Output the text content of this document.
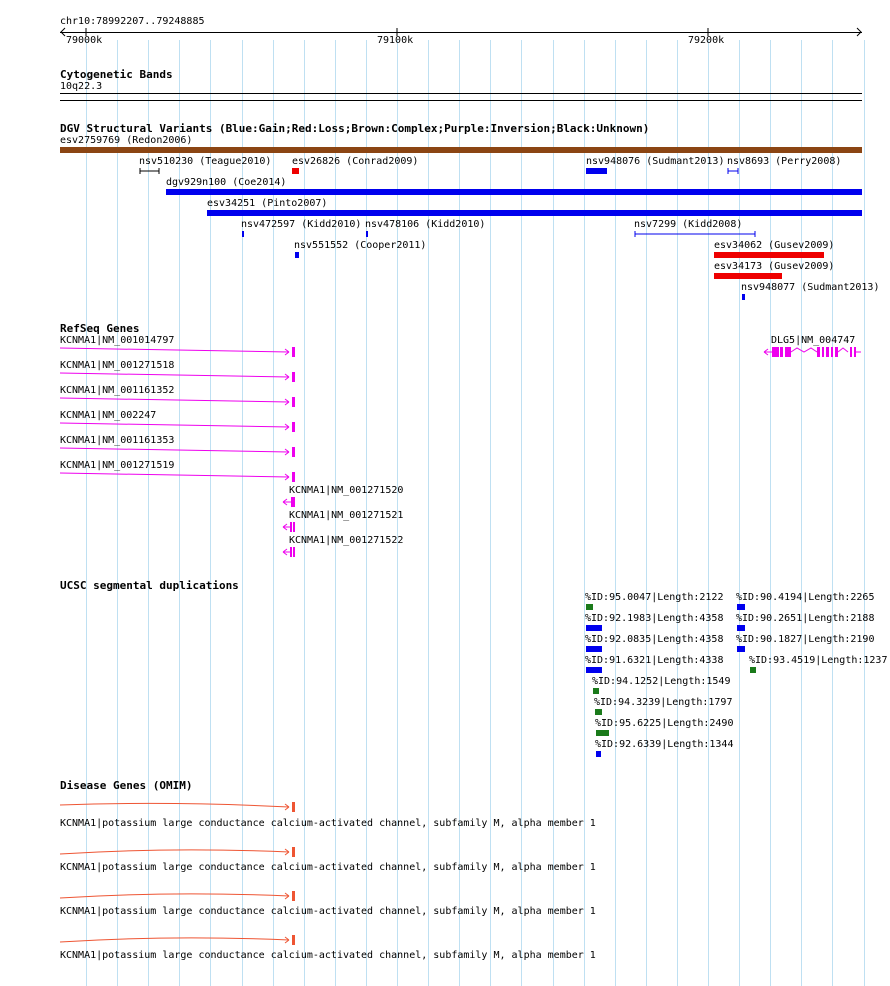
chr10:78992207..79248885
79000k	79100k	79200k
Cytogenetic Bands
10q22.3
DGV Structural Variants (Blue:Gain;Red:Loss;Brown:Complex;Purple:Inversion;Black:Unknown)
esv2759769 (Redon2006)
nsv510230 (Teague2010) esv26826 (Conrad2009)	nsv948076 (Sudmant2013) nsv8693 (Perry2008)
dgv929n100 (Coe2014)
esv34251 (Pinto2007)
nsv472597 (Kidd2010) nsv478106 (Kidd2010)	nsv7299 (Kidd2008)
nsv551552 (Cooper2011)	esv34062 (Gusev2009)
esv34173 (Gusev2009)
nsv948077 (Sudmant2013)
RefSeq Genes
KCNMA1|NM_001014797
KCNMA1|NM_001271518
KCNMA1|NM_001161352
KCNMA1|NM_002247
KCNMA1|NM_001161353
KCNMA1|NM_001271519
KCNMA1|NM_001271520
KCNMA1|NM_001271521
KCNMA1|NM_001271522
DLG5|NM_004747
UCSC segmental duplications
%ID:95.0047|Length:2122 %ID:90.4194|Length:2265
%ID:92.1983|Length:4358 %ID:90.2651|Length:2188
%ID:92.0835|Length:4358 %ID:90.1827|Length:2190
%ID:91.6321|Length:4338	%ID:93.4519|Length:1237
%ID:94.1252|Length:1549
%ID:94.3239|Length:1797
%ID:95.6225|Length:2490
%ID:92.6339|Length:1344
Disease Genes (OMIM)
KCNMA1|potassium large conductance calcium-activated channel, subfamily M, alpha member 1
KCNMA1|potassium large conductance calcium-activated channel, subfamily M, alpha member 1
KCNMA1|potassium large conductance calcium-activated channel, subfamily M, alpha member 1
KCNMA1|potassium large conductance calcium-activated channel, subfamily M, alpha member 1
